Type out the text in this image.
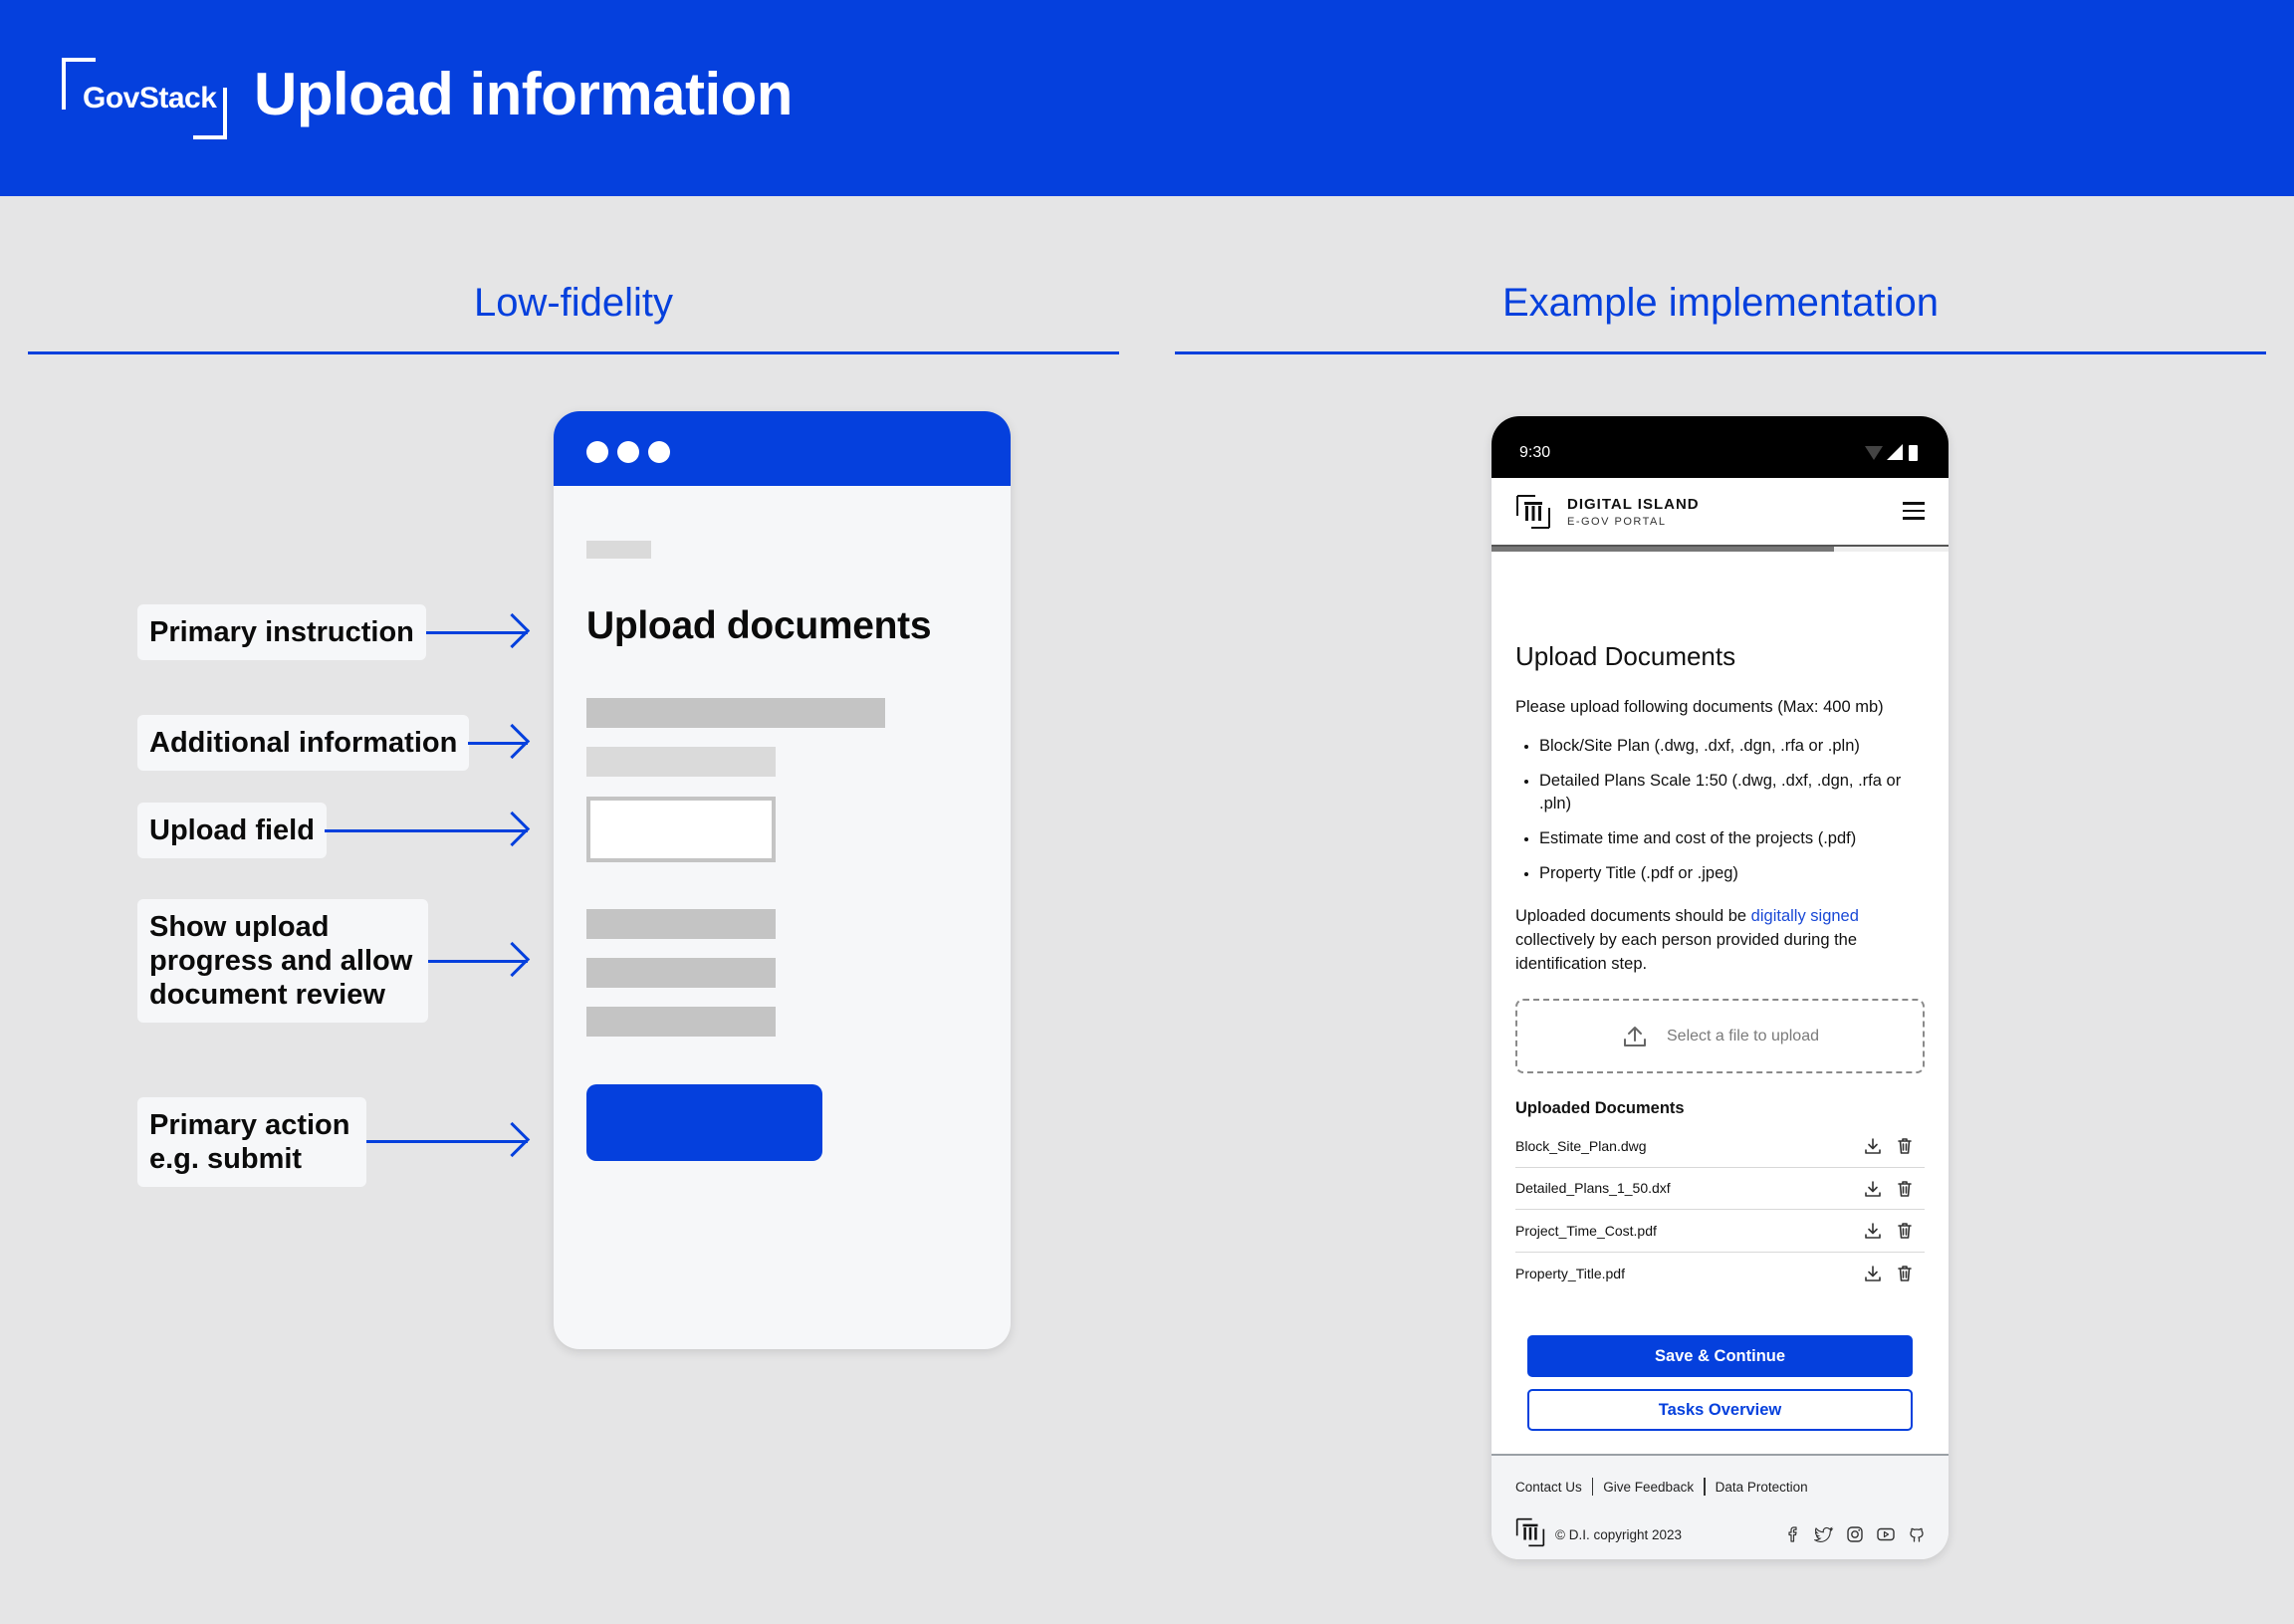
GovStack Upload information
Low-fidelity	Example implementation
Primary instruction
Additional information
Upload field
Show upload progress and allow document review
Primary action e.g. submit
Upload documents
9:30
DIGITAL ISLAND
E-GOV PORTAL
Upload Documents
Please upload following documents (Max: 400 mb)
Block/Site Plan (.dwg, .dxf, .dgn, .rfa or .pln)
Detailed Plans Scale 1:50 (.dwg, .dxf, .dgn, .rfa or .pln)
Estimate time and cost of the projects (.pdf)
Property Title (.pdf or .jpeg)
Uploaded documents should be digitally signed collectively by each person provided during the identification step.
Select a file to upload
Uploaded Documents
Block_Site_Plan.dwg
Detailed_Plans_1_50.dxf
Project_Time_Cost.pdf
Property_Title.pdf
Save & Continue
Tasks Overview
Contact Us Give Feedback Data Protection
© D.I. copyright 2023
